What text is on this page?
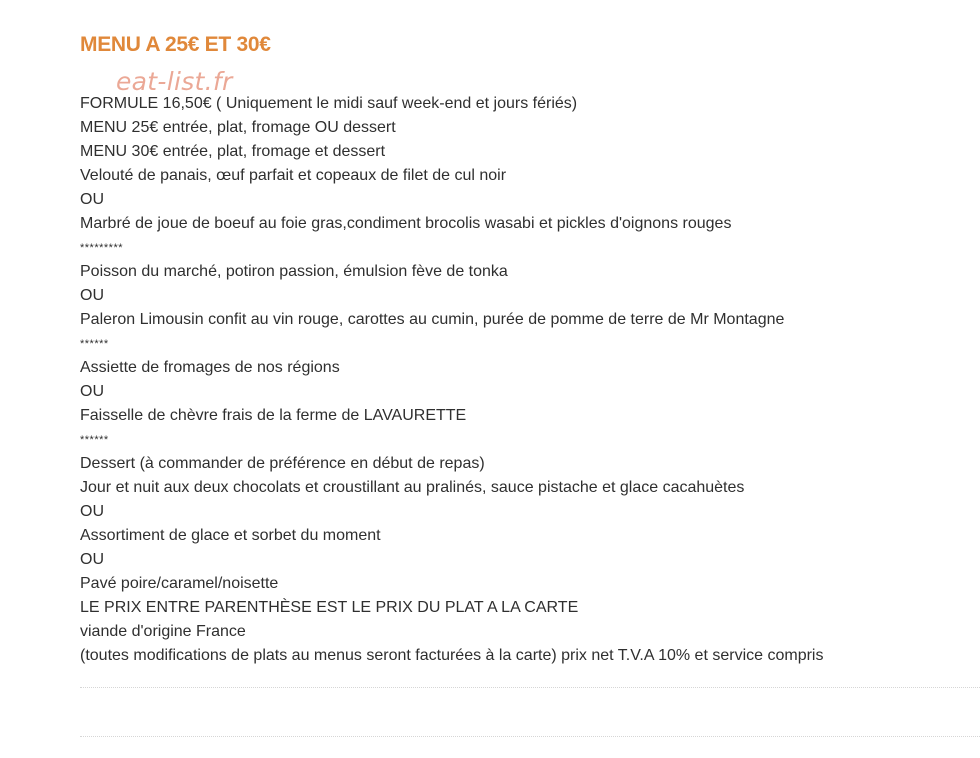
MENU A 25€ ET 30€
eat-list.fr
FORMULE 16,50€ ( Uniquement le midi sauf week-end et jours fériés)
MENU 25€ entrée, plat, fromage OU dessert
MENU 30€ entrée, plat, fromage et dessert
Velouté de panais, œuf parfait et copeaux de filet de cul noir
OU
Marbré de joue de boeuf au foie gras,condiment brocolis wasabi et pickles d'oignons rouges
*********
Poisson du marché, potiron passion, émulsion fève de tonka
OU
Paleron Limousin confit au vin rouge, carottes au cumin, purée de pomme de terre de Mr Montagne
******
Assiette de fromages de nos régions
OU
Faisselle de chèvre frais de la ferme de LAVAURETTE
******
Dessert (à commander de préférence en début de repas)
Jour et nuit aux deux chocolats et croustillant au pralinés, sauce pistache et glace cacahuètes
OU
Assortiment de glace et sorbet du moment
OU
Pavé poire/caramel/noisette
LE PRIX ENTRE PARENTHÈSE EST LE PRIX DU PLAT A LA CARTE
viande d'origine France
(toutes modifications de plats au menus seront facturées à la carte) prix net T.V.A 10% et service compris
